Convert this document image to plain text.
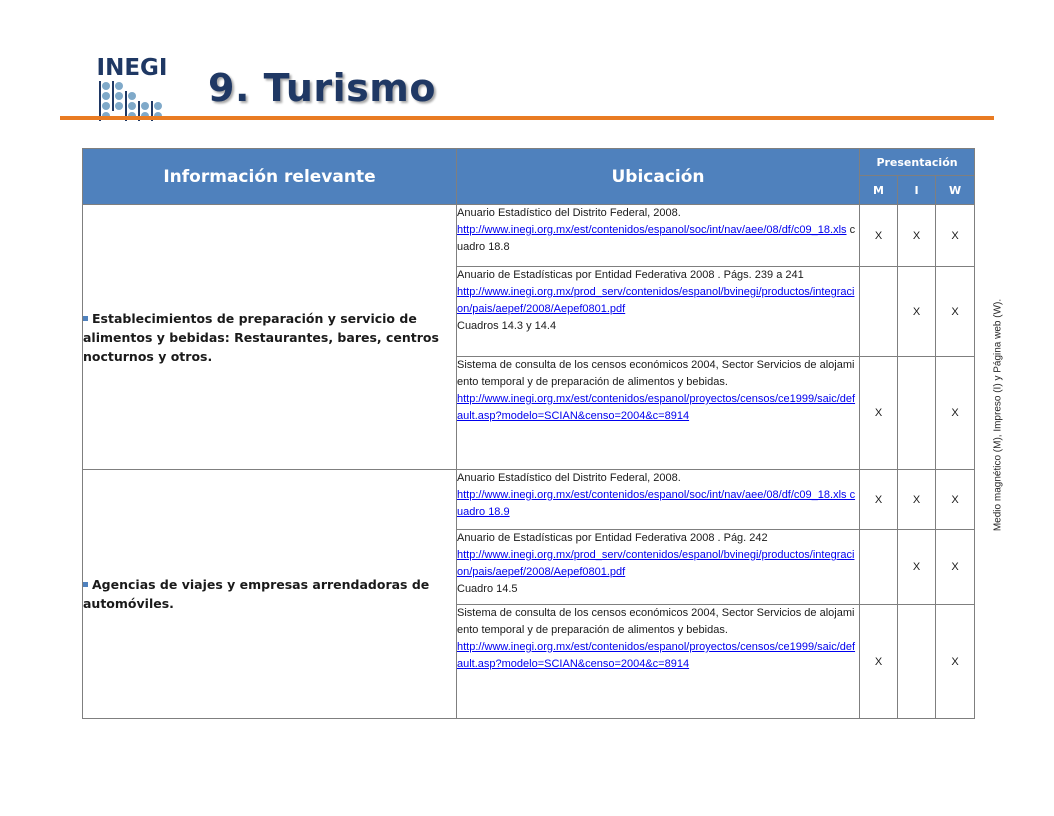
INEGI 9. Turismo
Información relevante	Ubicación	Presentación		
		M	I	W
Establecimientos de preparación y servicio de alimentos y bebidas: Restaurantes, bares, centros nocturnos y otros.	Anuario Estadístico del Distrito Federal, 2008.
http://www.inegi.org.mx/est/contenidos/espanol/soc/int/nav/aee/08/df/c09_18.xls cuadro 18.8	X	X	X
	Anuario de Estadísticas por Entidad Federativa 2008 . Págs. 239 a 241
http://www.inegi.org.mx/prod_serv/contenidos/espanol/bvinegi/productos/integracion/pais/aepef/2008/Aepef0801.pdf
Cuadros 14.3 y 14.4		X	X
	Sistema de consulta de los censos económicos 2004, Sector Servicios de alojamiento temporal y de preparación de alimentos y bebidas.
http://www.inegi.org.mx/est/contenidos/espanol/proyectos/censos/ce1999/saic/default.asp?modelo=SCIAN&censo=2004&c=8914	X		X
Agencias de viajes y empresas arrendadoras de automóviles.	Anuario Estadístico del Distrito Federal, 2008.
http://www.inegi.org.mx/est/contenidos/espanol/soc/int/nav/aee/08/df/c09_18.xls cuadro 18.9	X	X	X
	Anuario de Estadísticas por Entidad Federativa 2008 . Pág. 242
http://www.inegi.org.mx/prod_serv/contenidos/espanol/bvinegi/productos/integracion/pais/aepef/2008/Aepef0801.pdf
Cuadro 14.5		X	X
	Sistema de consulta de los censos económicos 2004, Sector Servicios de alojamiento temporal y de preparación de alimentos y bebidas.
http://www.inegi.org.mx/est/contenidos/espanol/proyectos/censos/ce1999/saic/default.asp?modelo=SCIAN&censo=2004&c=8914	X		X
Medio magnético (M), Impreso (I) y Página web (W).
